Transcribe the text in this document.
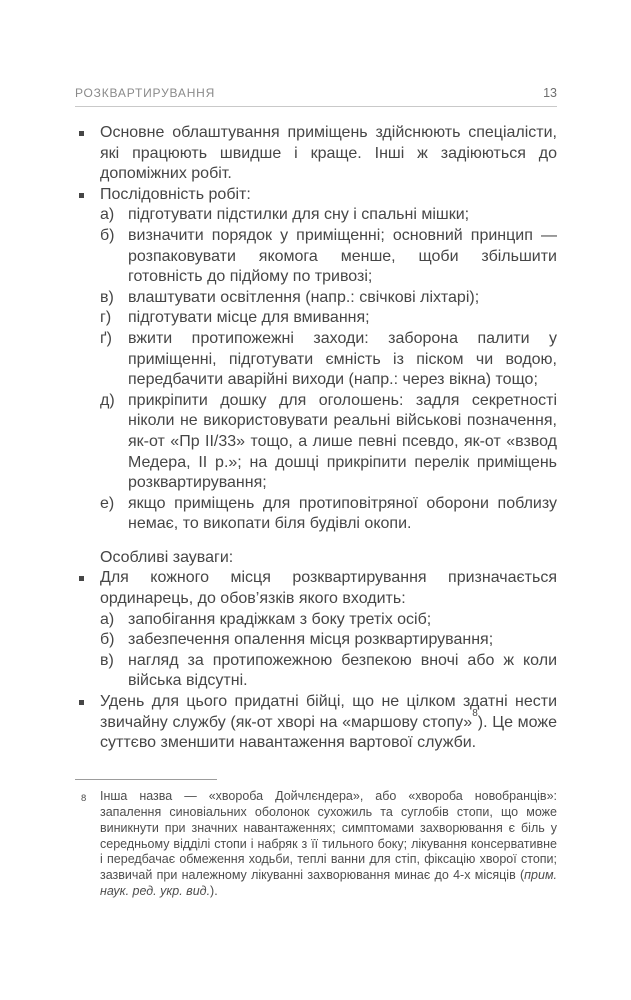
РОЗКВАРТИРУВАННЯ	13
Основне облаштування приміщень здійснюють спеціалісти, які працюють швидше і краще. Інші ж задіюються до допоміжних робіт.
Послідовність робіт:
а) підготувати підстилки для сну і спальні мішки;
б) визначити порядок у приміщенні; основний принцип — розпаковувати якомога менше, щоби збільшити готовність до підйому по тривозі;
в) влаштувати освітлення (напр.: свічкові ліхтарі);
г)	підготувати місце для вмивання;
ґ)	вжити протипожежні заходи: заборона палити у приміщенні, підготувати ємність із піском чи водою, передбачити аварійні виходи (напр.: через вікна) тощо;
д) прикріпити дошку для оголошень: задля секретності ніколи не використовувати реальні військові позначення, як-от «Пр II/33» тощо, а лише певні псевдо, як-от «взвод Медера, II р.»; на дошці прикріпити перелік приміщень розквартирування;
е) якщо приміщень для протиповітряної оборони поблизу немає, то викопати біля будівлі окопи.
Особливі зауваги:
Для кожного місця розквартирування призначається ординарець, до обов’язків якого входить:
а) запобігання крадіжкам з боку третіх осіб;
б) забезпечення опалення місця розквартирування;
в) нагляд за протипожежною безпекою вночі або ж коли війська відсутні.
Удень для цього придатні бійці, що не цілком здатні нести звичайну службу (як-от хворі на «маршову стопу»$^8$). Це може суттєво зменшити навантаження вартової служби.
8 Інша назва — «хвороба Дойчлєндера», або «хвороба новобранців»: запалення синовіальних оболонок сухожиль та суглобів стопи, що може виникнути при значних навантаженнях; симптомами захворювання є біль у середньому відділі стопи і набряк з її тильного боку; лікування консервативне і передбачає обмеження ходьби, теплі ванни для стіп, фіксацію хворої стопи; зазвичай при належному лікуванні захворювання минає до 4-х місяців (прим. наук. ред. укр. вид.).
